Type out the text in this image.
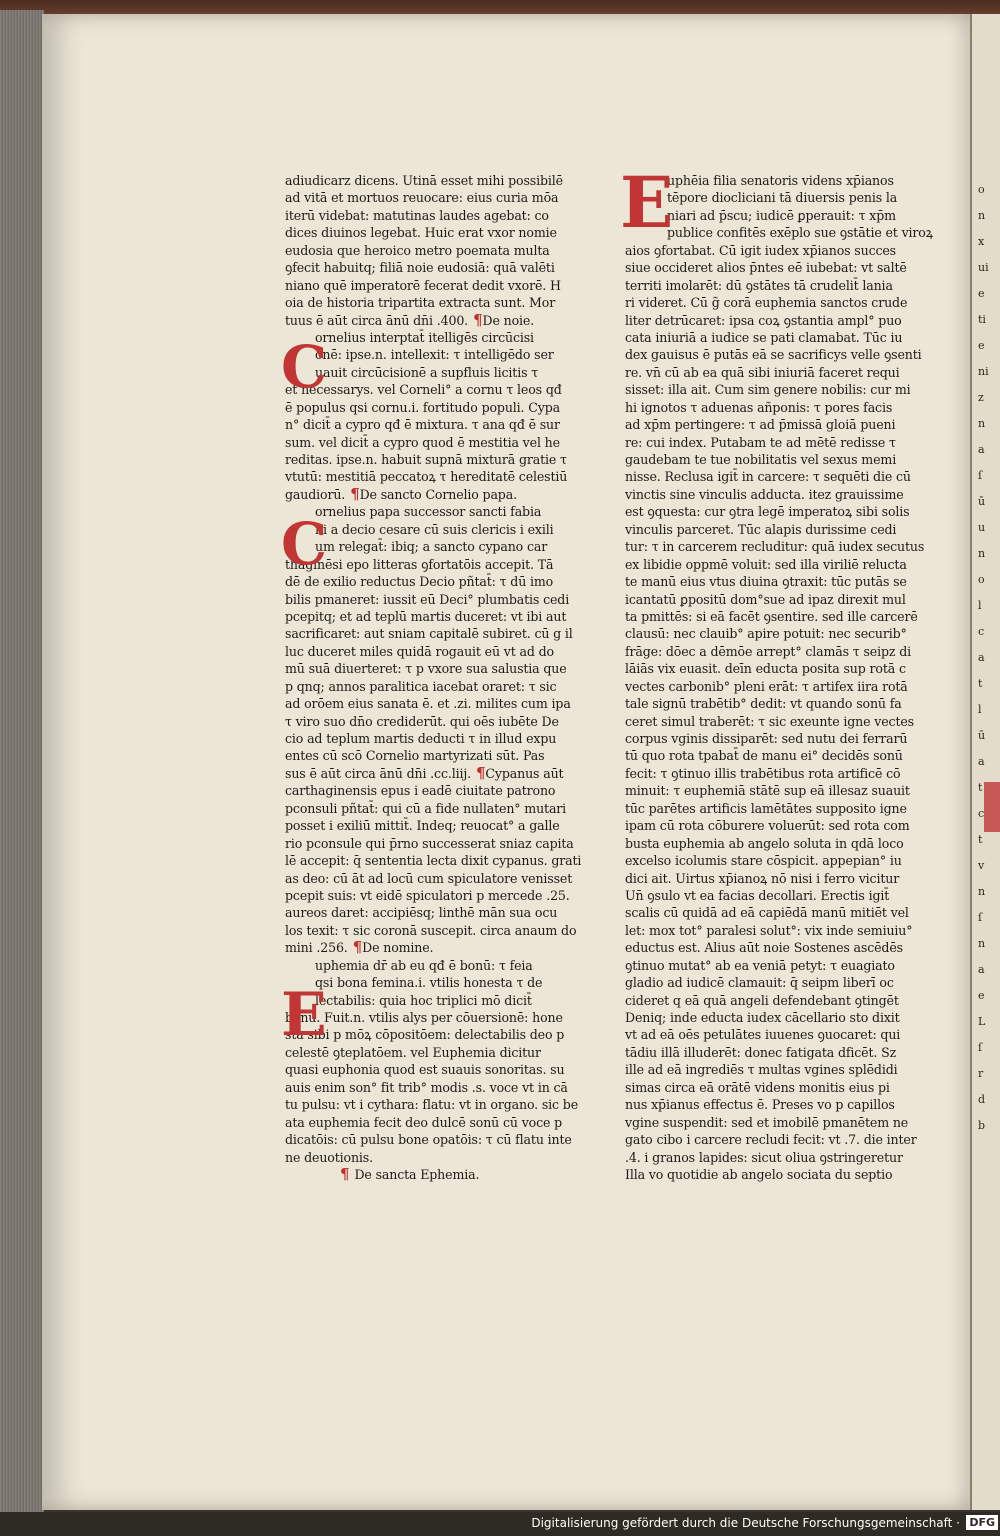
o
n
x
ui
e
ti
e
ni
z
n
a
ſ
ū
u
n
o
l
c
a
t
l
ū
a
t
c
t
v
n
ſ
n
a
e
L
ſ
r
d
b
adiudicarz dicens. Utinā esset mihi possibilē
ad vitā et mortuos reuocare: eius curia mōa
iterū videbat: matutinas laudes agebat: co
dices diuinos legebat. Huic erat vxor nomie
eudosia que heroico metro poemata multa
ꝯfecit habuitq; filiā noie eudosiā: quā valēti
niano quē imperatorē fecerat dedit vxorē. H
oia de historia tripartita extracta sunt. Mor
tuus ē aūt circa ānū dn̄i .400. ¶De noie.
ornelius interptat̄ itelligēs circūcisi
onē: ipse.n. intellexit: τ intelligēdo ser
uauit circūcisionē a supfluis licitis τ
et necessarys. vel Corneli° a cornu τ leos qđ
ē populus qsi cornu.i. fortitudo populi. Cypa
n° dicit̄ a cypro qđ ē mixtura. τ ana qđ ē sur
sum. vel dicit̄ a cypro quod ē mestitia vel he
reditas. ipse.n. habuit supnā mixturā gratie τ
vtutū: mestitiā peccatoꝝ τ hereditatē celestiū
gaudiorū. ¶De sancto Cornelio papa.
ornelius papa successor sancti fabia
ni a decio cesare cū suis clericis i exili
um relegat̄: ibiq; a sancto cypano car
thaginēsi epo litteras ꝯfortatōis accepit. Tā
dē de exilio reductus Decio pñtat̄: τ dū imo
bilis pmaneret: iussit eū Deci° plumbatis cedi
pcepitq; et ad teplū martis duceret: vt ibi aut
sacrificaret: aut sniam capitalē subiret. cū g il
luc duceret miles quidā rogauit eū vt ad do
mū suā diuerteret: τ p vxore sua salustia que
p qnq; annos paralitica iacebat oraret: τ sic
ad orōem eius sanata ē. et .zi. milites cum ipa
τ viro suo dn̄o crediderūt. qui oēs iubēte De
cio ad teplum martis deducti τ in illud expu
entes cū scō Cornelio martyrizati sūt. Pas
sus ē aūt circa ānū dn̄i .cc.liij. ¶Cypanus aūt
carthaginensis epus i eadē ciuitate patrono
pconsuli pñtat̄: qui cū a fide nullaten° mutari
posset i exiliū mittit̄. Indeq; reuocat° a galle
rio pconsule qui p̄rno successerat sniaz capita
lē accepit: q̄ sententia lecta dixit cypanus. grati
as deo: cū āt ad locū cum spiculatore venisset
pcepit suis: vt eidē spiculatori p mercede .25.
aureos daret: accipiēsq; linthē mān sua ocu
los texit: τ sic coronā suscepit. circa anaum do
mini .256. ¶De nomine.
uphemia dr̄ ab eu qđ ē bonū: τ feia
qsi bona femina.i. vtilis honesta τ de
lectabilis: quia hoc triplici mō dicit̄
bonū. Fuit.n. vtilis alys per cōuersionē: hone
sta sibi p mōꝝ cōpositōem: delectabilis deo p
celestē ꝯteplatōem. vel Euphemia dicitur
quasi euphonia quod est suauis sonoritas. su
auis enim son° fit trib° modis .s. voce vt in cā
tu pulsu: vt i cythara: flatu: vt in organo. sic be
ata euphemia fecit deo dulcē sonū cū voce p
dicatōis: cū pulsu bone opatōis: τ cū flatu inte
ne deuotionis.
¶ De sancta Ephemia.
uphēia filia senatoris videns xp̄ianos
tēpore diocliciani tā diuersis penis la
niari ad p̄scu; iudicē ꝑperauit: τ xp̄m
publice confitēs exēplo sue ꝯstātie et viroꝝ
aios ꝯfortabat. Cū igit iudex xp̄ianos succes
siue occideret alios p̄ntes eē iubebat: vt saltē
territi imolarēt: dū ꝯstātes tā crudelit̄ lania
ri videret. Cū g̃ corā euphemia sanctos crude
liter detrūcaret: ipsa coꝝ ꝯstantia ampl° puo
cata iniuriā a iudice se pati clamabat. Tūc iu
dex gauisus ē putās eā se sacrificys velle ꝯsenti
re. vn̄ cū ab ea quā sibi iniuriā faceret requi
sisset: illa ait. Cum sim genere nobilis: cur mi
hi ignotos τ aduenas añponis: τ pores facis
ad xp̄m pertingere: τ ad p̄missā gloiā pueni
re: cui index. Putabam te ad mētē redisse τ
gaudebam te tue nobilitatis vel sexus memi
nisse. Reclusa igit̄ in carcere: τ sequēti die cū
vinctis sine vinculis adducta. itez grauissime
est ꝯquesta: cur ꝯtra legē imperatoꝝ sibi solis
vinculis parceret. Tūc alapis durissime cedi
tur: τ in carcerem recluditur: quā iudex secutus
ex libidie oppmē voluit: sed illa viriliē relucta
te manū eius vtus diuina ꝯtraxit: tūc putās se
icantatū ꝑpositū dom°sue ad ipaz direxit mul
ta pmittēs: si eā facēt ꝯsentire. sed ille carcerē
clausū: nec clauib° apire potuit: nec securib°
frāge: dōec a dēmōe arrept° clamās τ seipz di
lāiās vix euasit. deīn educta posita sup rotā c
vectes carbonib° pleni erāt: τ artifex iira rotā
tale signū trabētib° dedit: vt quando sonū fa
ceret simul traberēt: τ sic exeunte igne vectes
corpus vginis dissiparēt: sed nutu dei ferrarū
tū quo rota tpabat̄ de manu ei° decidēs sonū
fecit: τ ꝯtinuo illis trabētibus rota artificē cō
minuit: τ euphemiā stātē sup eā illesaz suauit
tūc parētes artificis lamētātes supposito igne
ipam cū rota cōburere voluerūt: sed rota com
busta euphemia ab angelo soluta in qdā loco
excelso icolumis stare cōspicit. appepian° iu
dici ait. Uirtus xp̄ianoꝝ nō nisi i ferro vicitur
Un̄ ꝯsulo vt ea facias decollari. Erectis igit̄
scalis cū quidā ad eā capiēdā manū mitiēt vel
let: mox tot° paralesi solut°: vix inde semiuiu°
eductus est. Alius aūt noie Sostenes ascēdēs
ꝯtinuo mutat° ab ea veniā petyt: τ euagiato
gladio ad iudicē clamauit: q̄ seipm liberī oc
cideret q eā quā angeli defendebant ꝯtingēt
Deniq; inde educta iudex cācellario sto dixit
vt ad eā oēs petulātes iuuenes ꝯuocaret: qui
tādiu illā illuderēt: donec fatigata dficēt. Sz
ille ad eā ingrediēs τ multas vgines splēdidi
simas circa eā orātē videns monitis eius pi
nus xp̄ianus effectus ē. Preses vo p capillos
vgine suspendit: sed et imobilē pmanētem ne
gato cibo i carcere recludi fecit: vt .7. die inter
.4. i granos lapides: sicut oliua ꝯstringeretur
Illa vo quotidie ab angelo sociata du septio
C
C
E
E
Digitalisierung gefördert durch die Deutsche Forschungsgemeinschaft · DFG
